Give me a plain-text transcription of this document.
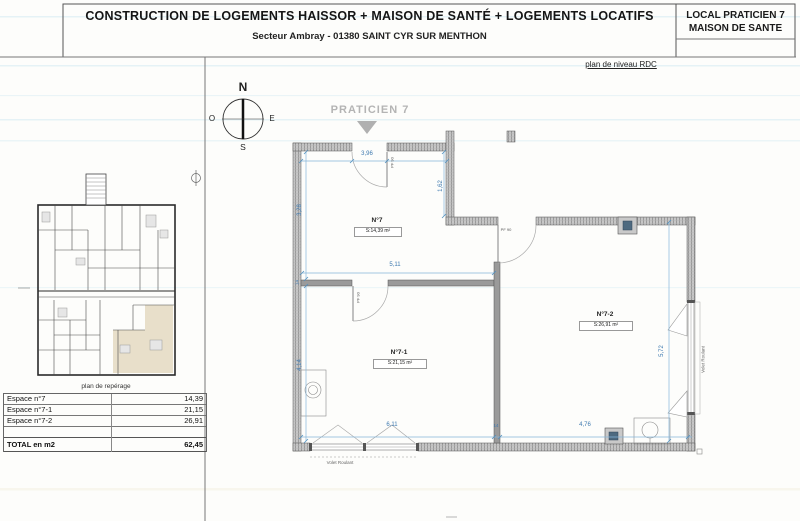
CONSTRUCTION DE LOGEMENTS HAISSOR + MAISON DE SANTÉ + LOGEMENTS LOCATIFS
Secteur Ambray - 01380 SAINT CYR SUR MENTHON
LOCAL PRATICIEN 7
MAISON DE SANTE
plan de niveau RDC
PRATICIEN 7
N
O	E
S
plan de repérage
N°7
S:14,39 m²
N°7-1
S:21,15 m²
N°7-2
S:26,91 m²
3,96
1,62
3,28
14
4,14
5,11
6,11	14	4,76
5,72
PF 90
PF 90
PF 90
Volet Roulant
Volet Roulant
Espace n°7	14,39
Espace n°7-1	21,15
Espace n°7-2	26,91
TOTAL en m2	62,45
